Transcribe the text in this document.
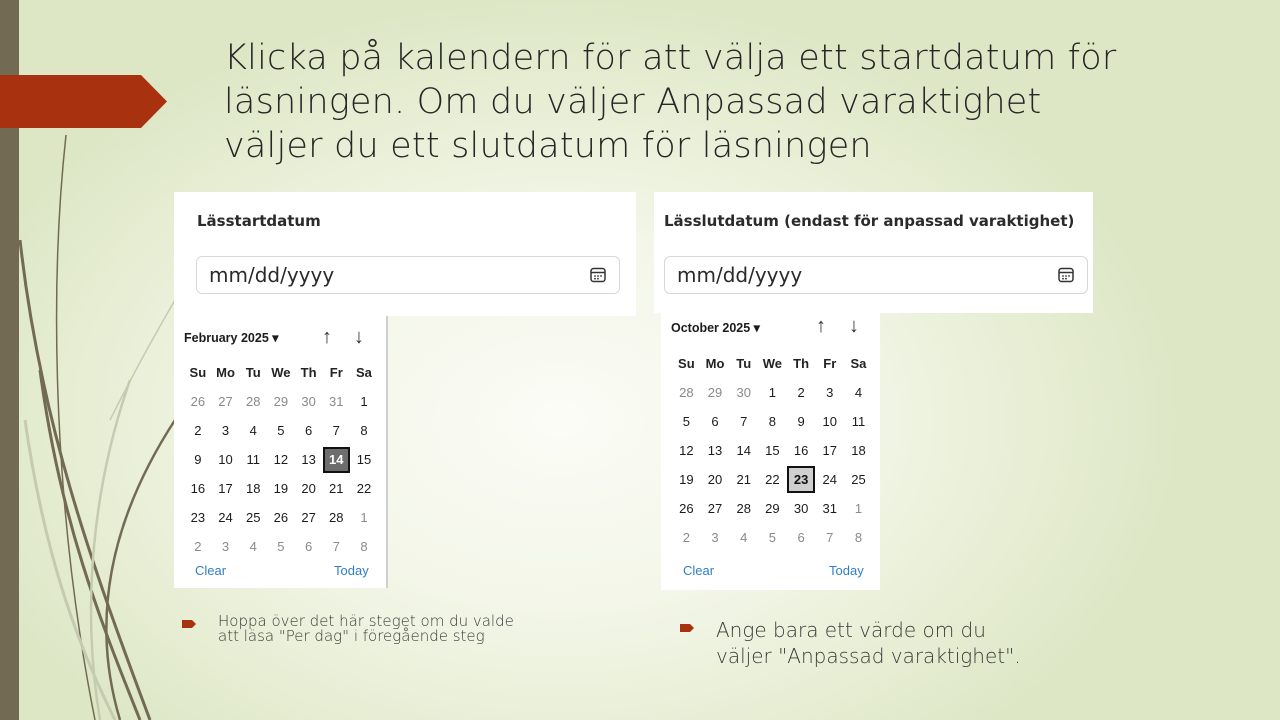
Klicka på kalendern för att välja ett startdatum för
läsningen. Om du väljer Anpassad varaktighet
väljer du ett slutdatum för läsningen
Lässtartdatum
mm/dd/yyyy
Lässlutdatum (endast för anpassad varaktighet)
mm/dd/yyyy
February 2025 ▾ ↑ ↓
Su Mo Tu We Th	Fr	Sa
26	27	28	29	30	31	1
2	3	4	5	6	7	8
9	10	11	12	13	14	15
16	17	18	19	20	21	22
23	24	25	26	27	28	1
2	3	4	5	6	7	8
Clear	Today
October 2025 ▾	↑ ↓
Su Mo Tu We Th	Fr	Sa
28	29	30	1	2	3	4
5	6	7	8	9	10	11
12	13	14	15	16	17	18
19	20	21	22	23	24	25
26	27	28	29	30	31	1
2	3	4	5	6	7	8
Clear	Today
Hoppa över det här steget om du valde
att läsa "Per dag" i föregående steg	Ange bara ett värde om du
väljer "Anpassad varaktighet".
